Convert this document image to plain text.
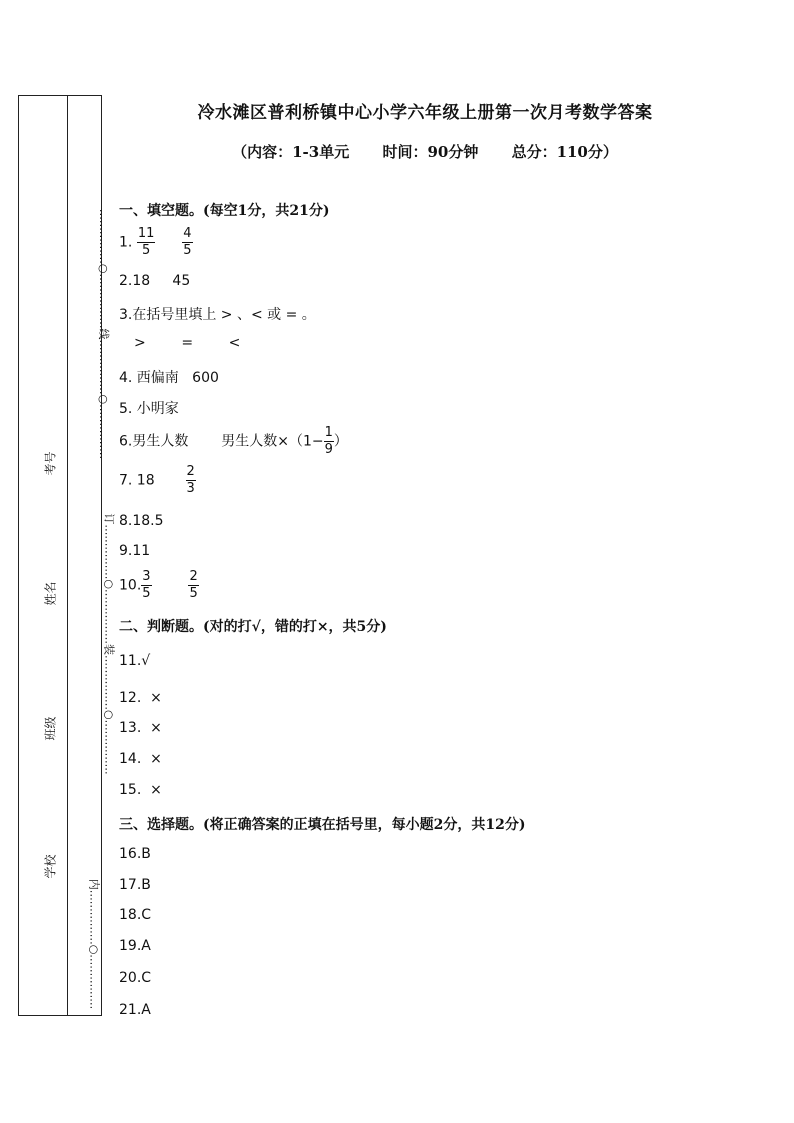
考号
姓名
班级
学校
……………○……………线……………○……………
订……………○……………装……………○……………
内……………○……………
冷水滩区普利桥镇中心小学六年级上册第一次月考数学答案
（内容：1-3单元 时间：90分钟 总分：110分）
一、填空题。(每空1分，共21分)
1. $\frac{11}{5}$
$\frac{4}{5}$
2.18     45
3.在括号里填上 > 、< 或 = 。
>        =        <
4. 西偏南   600
5. 小明家
6.男生人数 男生人数$\times(1- \frac{1}{9}$ ）
7. $18 \frac{2}{3}$
8.18.5
9.11
10. $\frac{3}{5}$
	$\frac{2}{5}$
二、判断题。(对的打√，错的打×，共5分)
11.√
12.  ×
13.  ×
14.  ×
15.  ×
三、选择题。(将正确答案的正填在括号里，每小题2分，共12分)
16.B
17.B
18.C
19.A
20.C
21.A
